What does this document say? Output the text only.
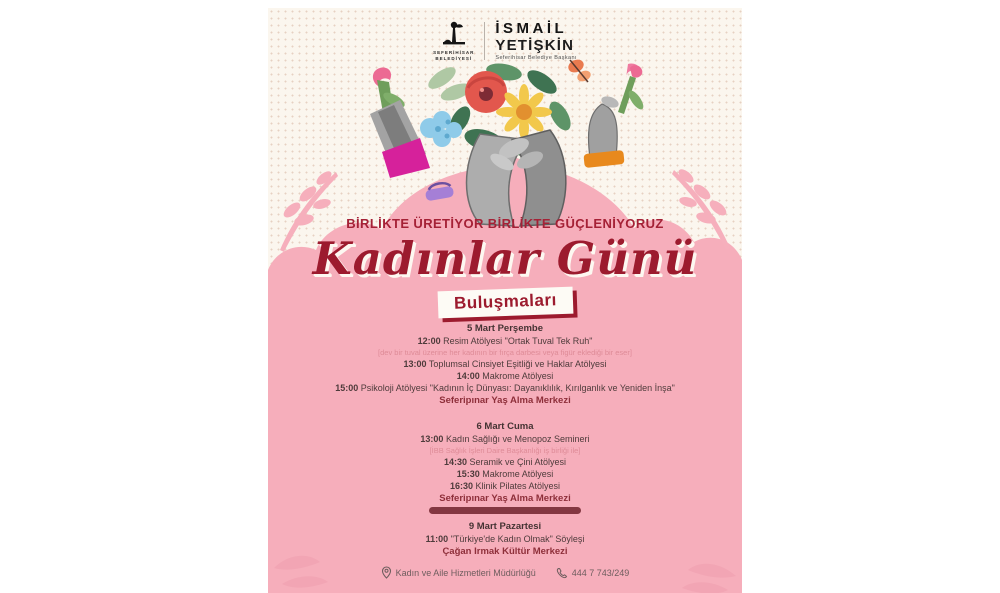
SEFERİHİSAR
BELEDİYESİ
İSMAİL
YETİŞKİN
Seferihisar Belediye Başkanı
BİRLİKTE ÜRETİYOR BİRLİKTE GÜÇLENİYORUZ
Kadınlar Günü
Buluşmaları
5 Mart Perşembe
12:00 Resim Atölyesi "Ortak Tuval Tek Ruh"
[dev bir tuval üzerine her kadının bir fırça darbesi veya figür eklediği bir eser]
13:00 Toplumsal Cinsiyet Eşitliği ve Haklar Atölyesi
14:00 Makrome Atölyesi
15:00 Psikoloji Atölyesi "Kadının İç Dünyası: Dayanıklılık, Kırılganlık ve Yeniden İnşa"
Seferipınar Yaş Alma Merkezi
6 Mart Cuma
13:00 Kadın Sağlığı ve Menopoz Semineri
[İBB Sağlık İşleri Daire Başkanlığı iş birliği ile]
14:30 Seramik ve Çini Atölyesi
15:30 Makrome Atölyesi
16:30 Klinik Pilates Atölyesi
Seferipınar Yaş Alma Merkezi
9 Mart Pazartesi
11:00 "Türkiye'de Kadın Olmak" Söyleşi
Çağan Irmak Kültür Merkezi
Kadın ve Aile Hizmetleri Müdürlüğü	444 7 743/249
